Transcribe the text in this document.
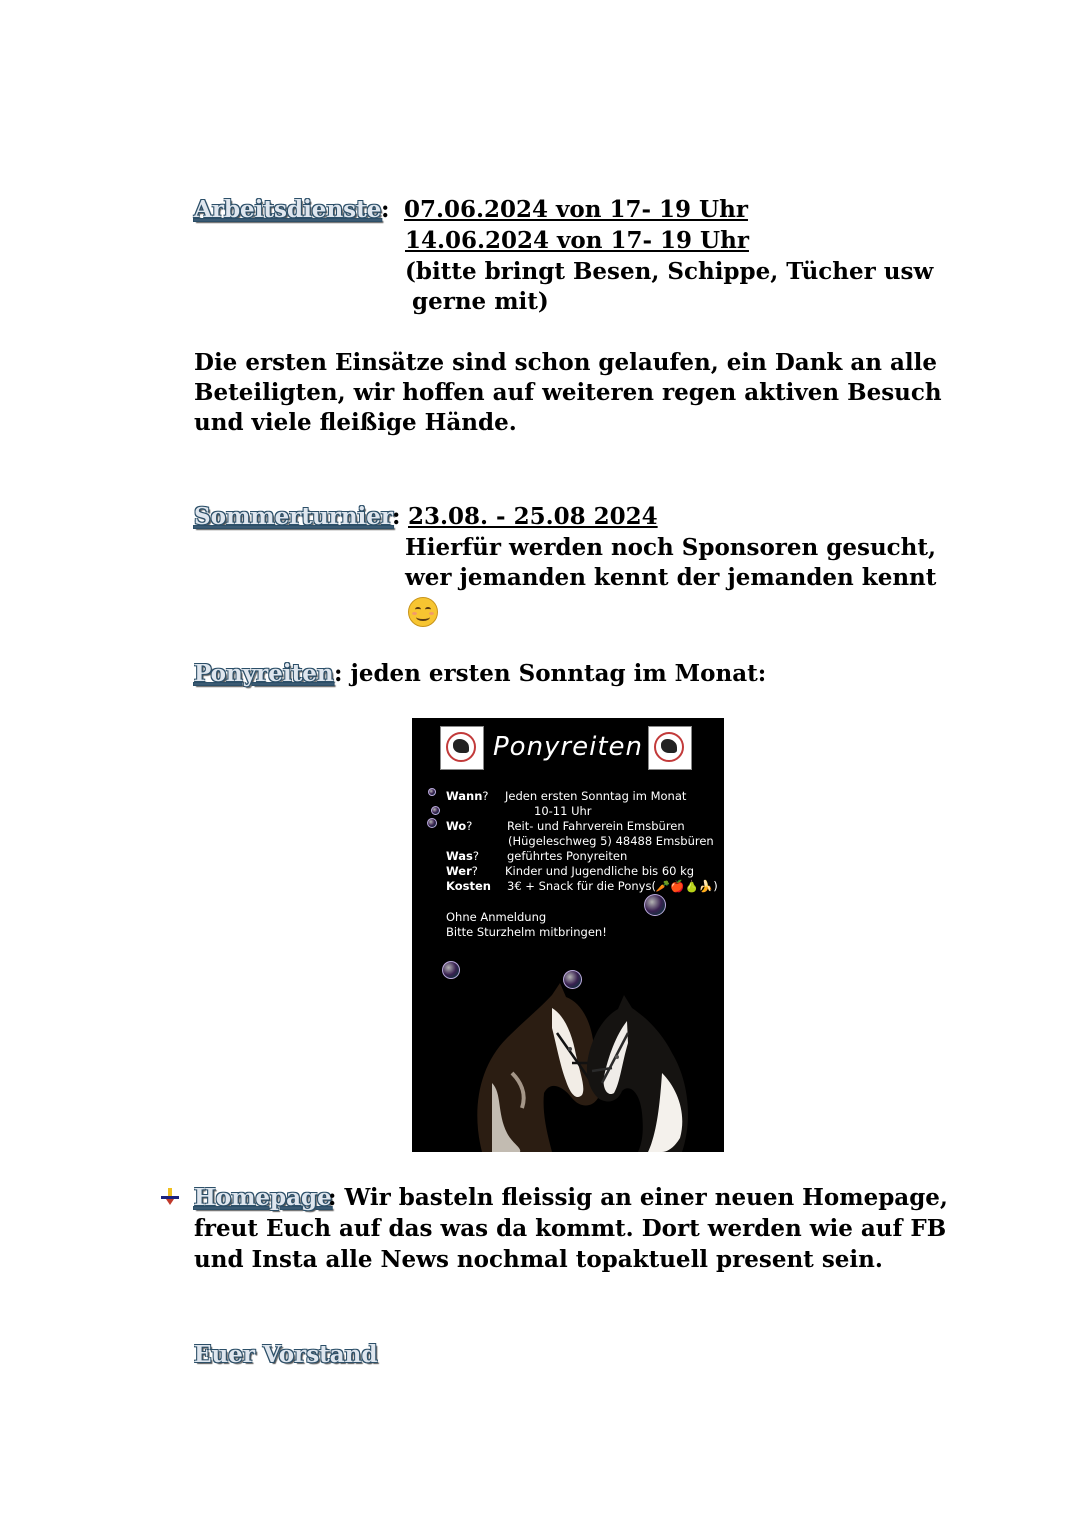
Arbeitsdienste : 07.06.2024 von 17- 19 Uhr
14.06.2024 von 17- 19 Uhr
(bitte bringt Besen, Schippe, Tücher usw
gerne mit)
Die ersten Einsätze sind schon gelaufen, ein Dank an alle
Beteiligten, wir hoffen auf weiteren regen aktiven Besuch
und viele fleißige Hände.
Sommerturnier
: 23.08. - 25.08 2024
Hierfür werden noch Sponsoren gesucht,
wer jemanden kennt der jemanden kennt
Ponyreiten : jeden ersten Sonntag im Monat:
Ponyreiten
Wann? Jeden ersten Sonntag im Monat
10-11 Uhr
Wo?	Reit- und Fahrverein Emsbüren
(Hügeleschweg 5) 48488 Emsbüren
Was? geführtes Ponyreiten
Wer? Kinder und Jugendliche bis 60 kg
Kosten 3€ + Snack für die Ponys(🥕🍎🍐🍌)
Ohne Anmeldung
Bitte Sturzhelm mitbringen!
Homepage
: Wir basteln fleissig an einer neuen Homepage,
freut Euch auf das was da kommt. Dort werden wie auf FB
und Insta alle News nochmal topaktuell present sein.
Euer Vorstand
